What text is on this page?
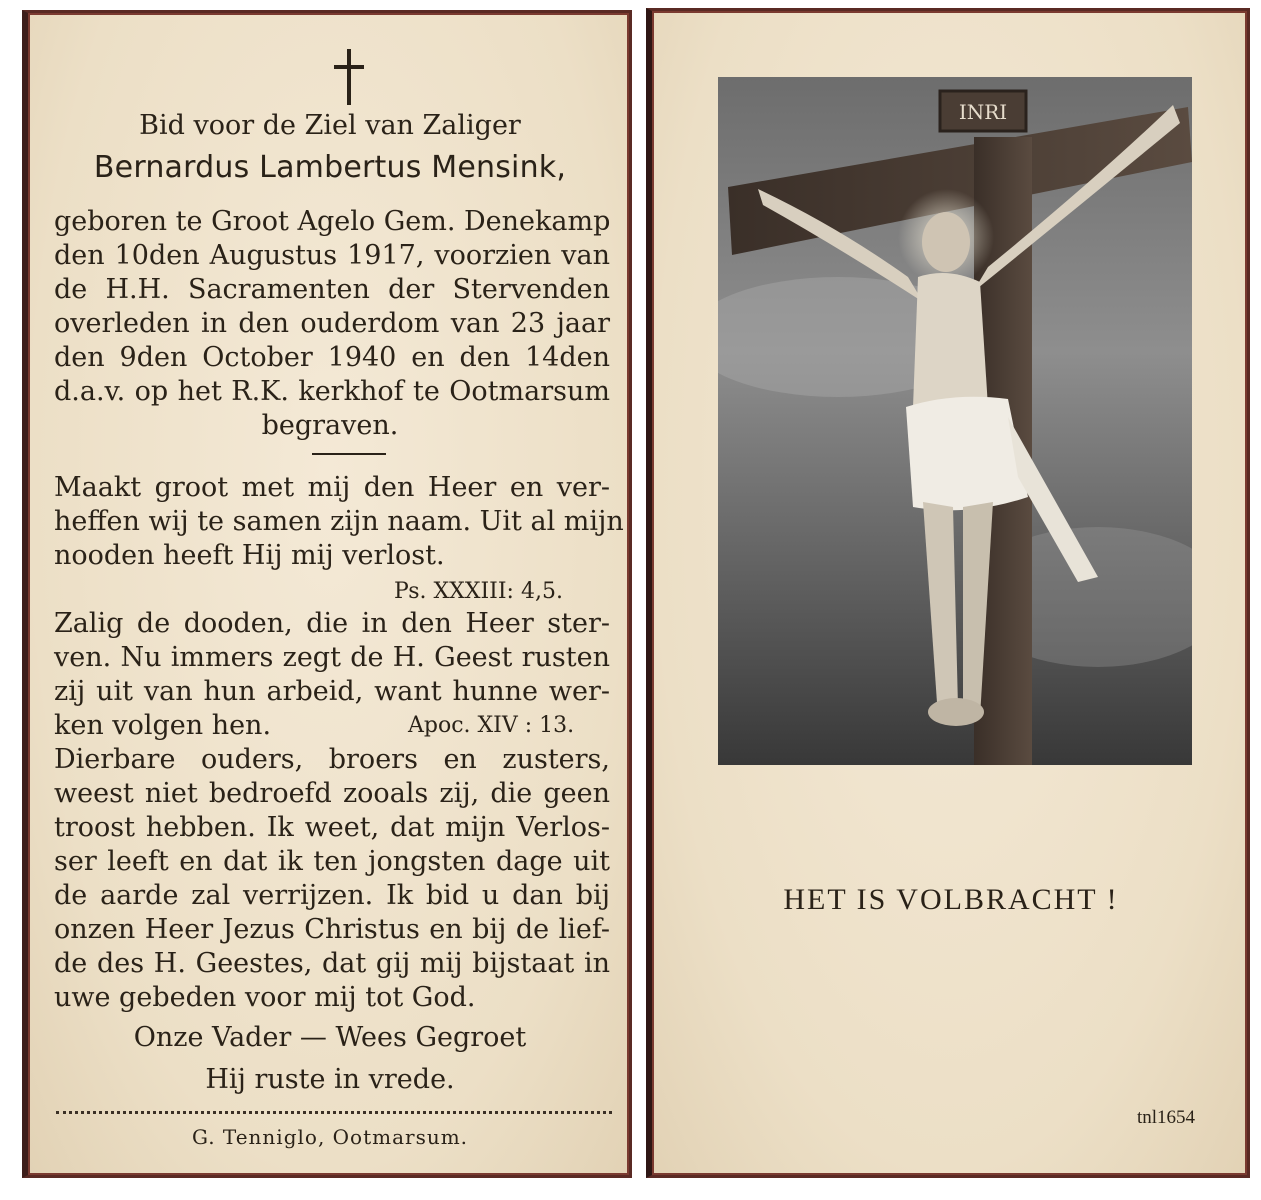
Bid voor de Ziel van Zaliger
Bernardus Lambertus Mensink,
geboren te Groot Agelo Gem. Denekamp
den 10den Augustus 1917, voorzien van
de H.H. Sacramenten der Stervenden
overleden in den ouderdom van 23 jaar
den 9den October 1940 en den 14den
d.a.v. op het R.K. kerkhof te Ootmarsum
begraven.
Maakt groot met mij den Heer en ver-
heffen wij te samen zijn naam. Uit al mijn
nooden heeft Hij mij verlost.
Ps. XXXIII: 4,5.
Zalig de dooden, die in den Heer ster-
ven. Nu immers zegt de H. Geest rusten
zij uit van hun arbeid, want hunne wer-
ken volgen hen.	Apoc. XIV : 13.
Dierbare ouders, broers en zusters,
weest niet bedroefd zooals zij, die geen
troost hebben. Ik weet, dat mijn Verlos-
ser leeft en dat ik ten jongsten dage uit
de aarde zal verrijzen. Ik bid u dan bij
onzen Heer Jezus Christus en bij de lief-
de des H. Geestes, dat gij mij bijstaat in
uwe gebeden voor mij tot God.
Onze Vader — Wees Gegroet
Hij ruste in vrede.
G. Tenniglo, Ootmarsum.
INRI
HET IS VOLBRACHT !
tnl1654
